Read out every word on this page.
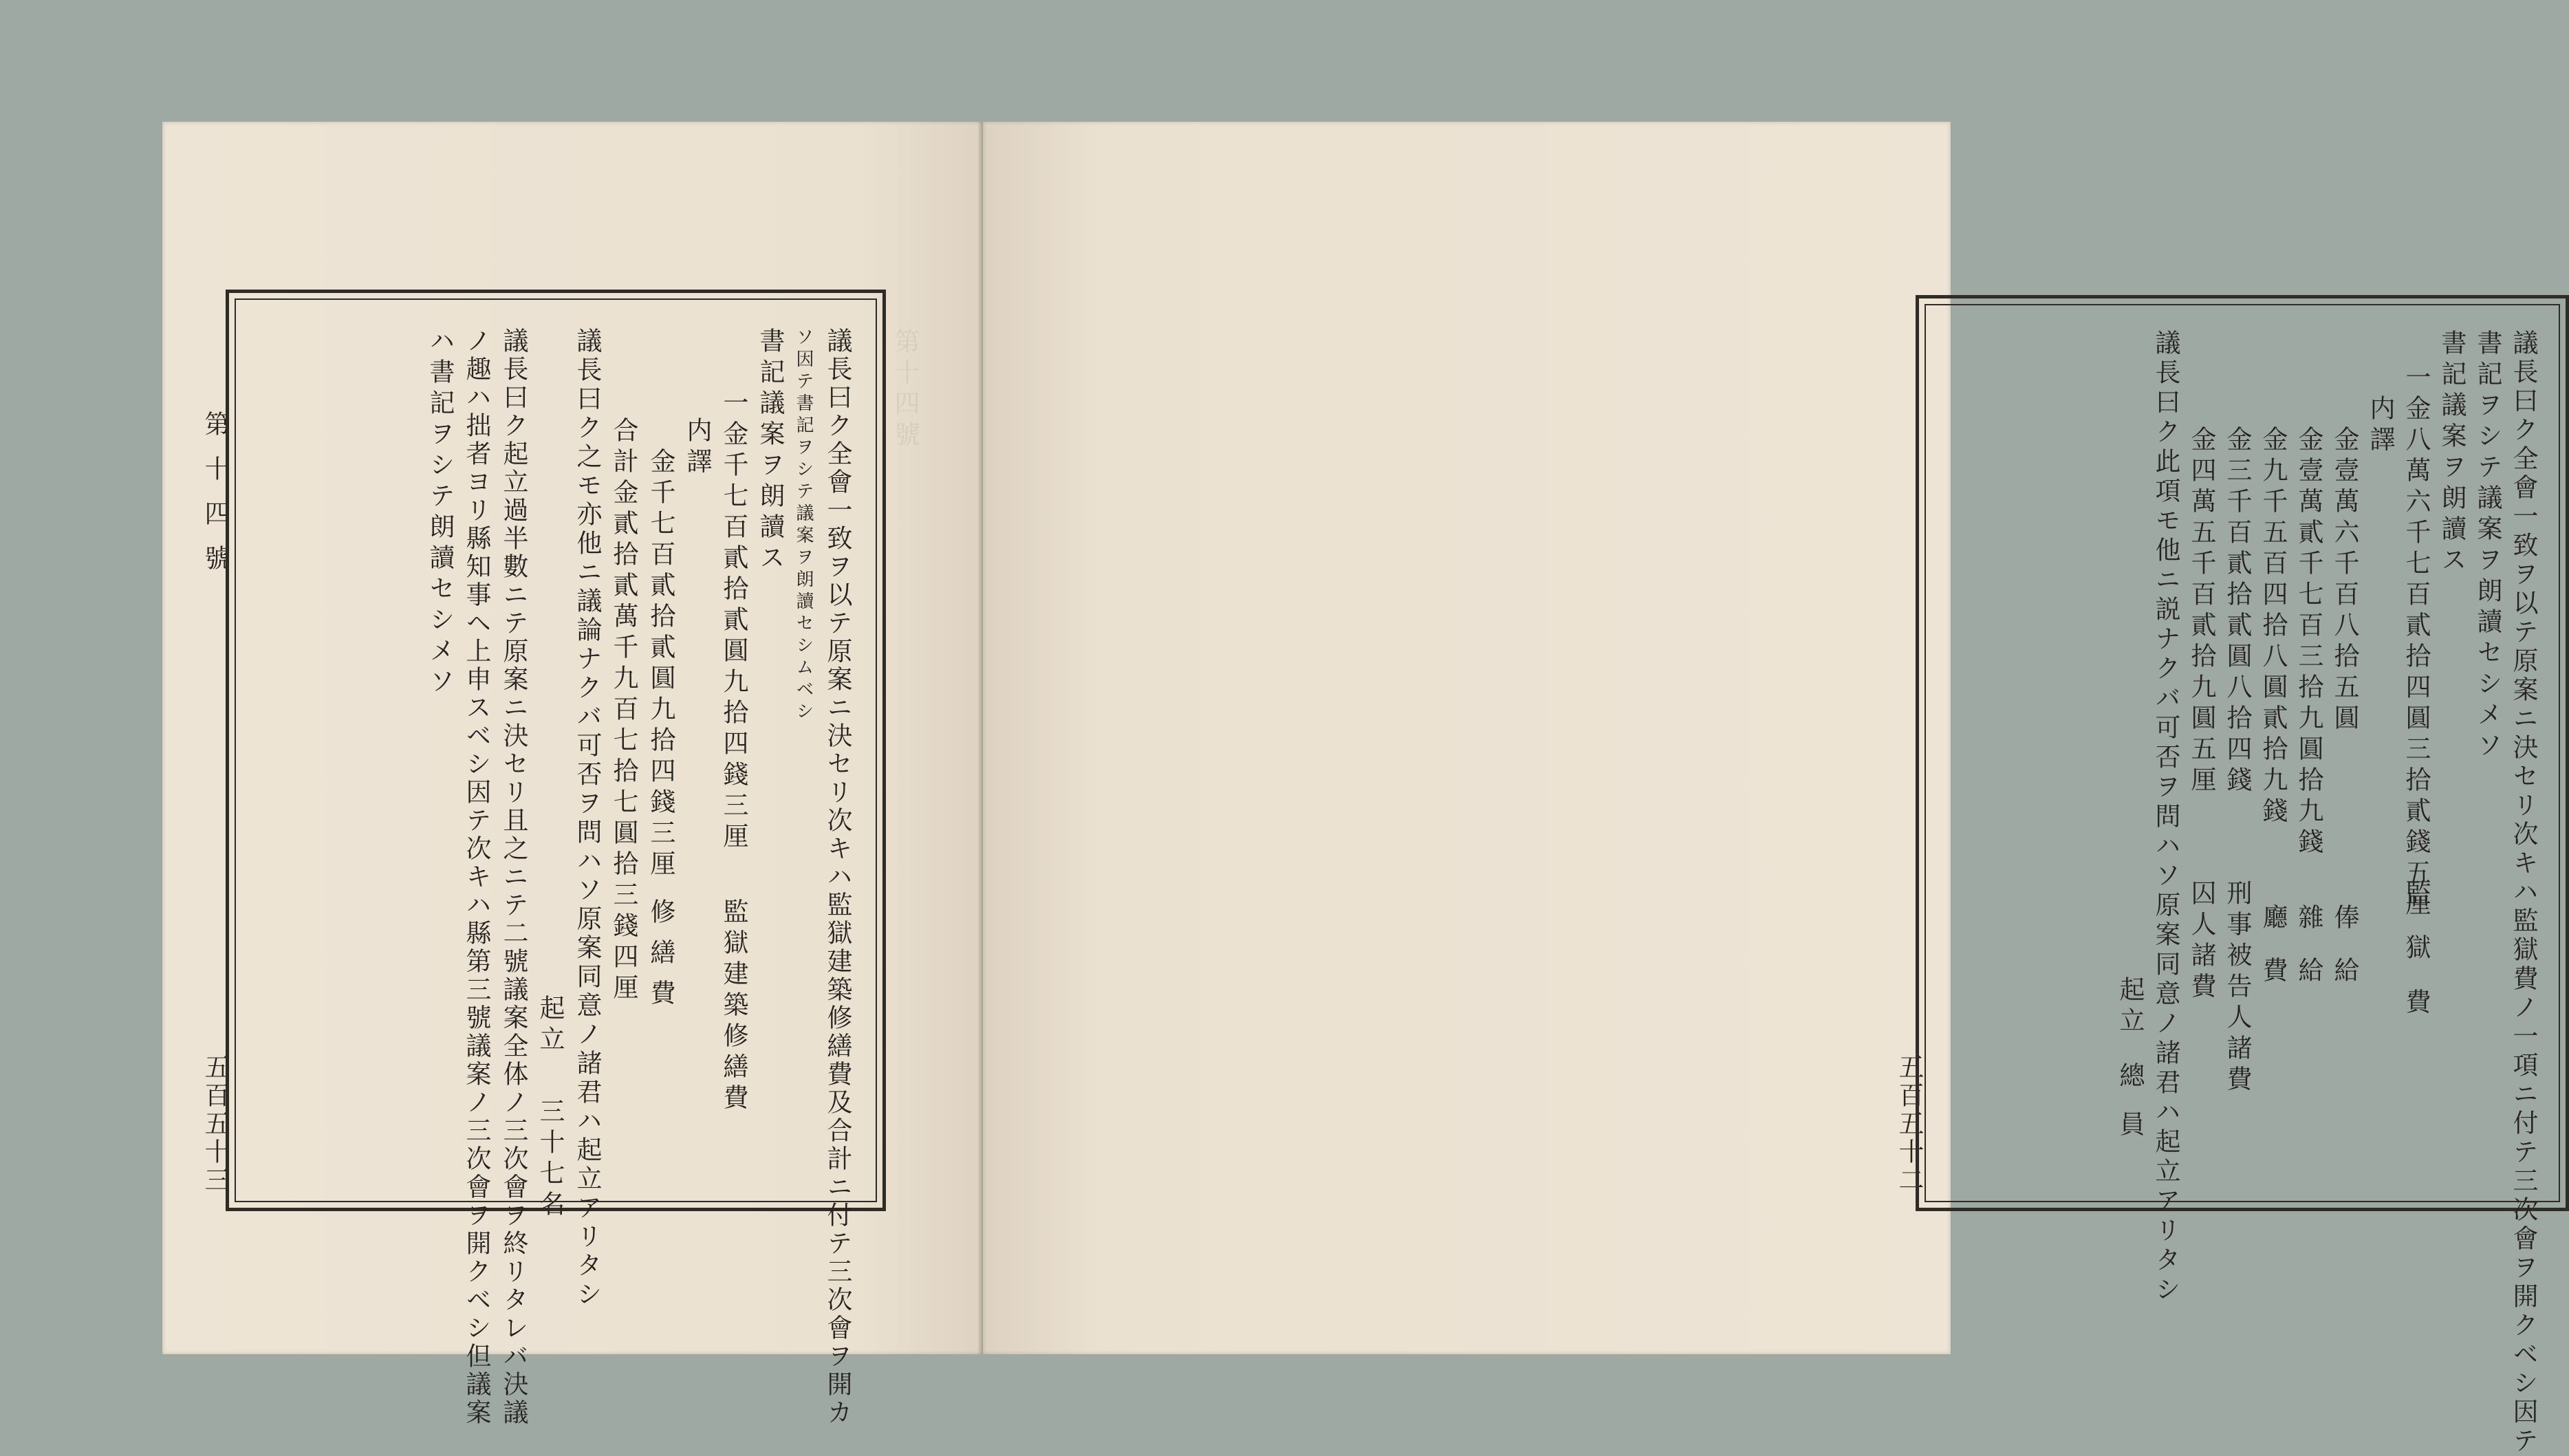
第十四號
第十四號
五百五十三	議長曰ク全會一致ヲ以テ原案ニ決セリ次キハ監獄建築修繕費及合計ニ付テ三次會ヲ開カ
ソ因テ書記ヲシテ議案ヲ朗讀セシムベシ
書記議案ヲ朗讀ス
一金千七百貳拾貳圓九拾四錢三厘
監獄建築修繕費
内譯
金千七百貳拾貳圓九拾四錢三厘
修繕費
合計金貳拾貳萬千九百七拾七圓拾三錢四厘
議長曰ク之モ亦他ニ議論ナクバ可否ヲ問ハソ原案同意ノ諸君ハ起立アリタシ
起立
三十七名
議長曰ク起立過半數ニテ原案ニ決セリ且之ニテ二號議案全体ノ三次會ヲ終リタレバ決議
ノ趣ハ拙者ヨリ縣知事ヘ上申スベシ因テ次キハ縣第三號議案ノ三次會ヲ開クベシ但議案
ハ書記ヲシテ朗讀セシメソ
五百五十二	議長曰ク全會一致ヲ以テ原案ニ決セリ次キハ監獄費ノ一項ニ付テ三次會ヲ開クベシ因テ
書記ヲシテ議案ヲ朗讀セシメソ
書記議案ヲ朗讀ス
一金八萬六千七百貳拾四圓三拾貳錢五厘
監獄費
内譯
金壹萬六千百八拾五圓
俸給
金壹萬貳千七百三拾九圓拾九錢
雜給
金九千五百四拾八圓貳拾九錢
廳費
金三千百貳拾貳圓八拾四錢
刑事被告人諸費
金四萬五千百貳拾九圓五厘
囚人諸費
議長曰ク此項モ他ニ説ナクバ可否ヲ問ハソ原案同意ノ諸君ハ起立アリタシ
起立
總員
